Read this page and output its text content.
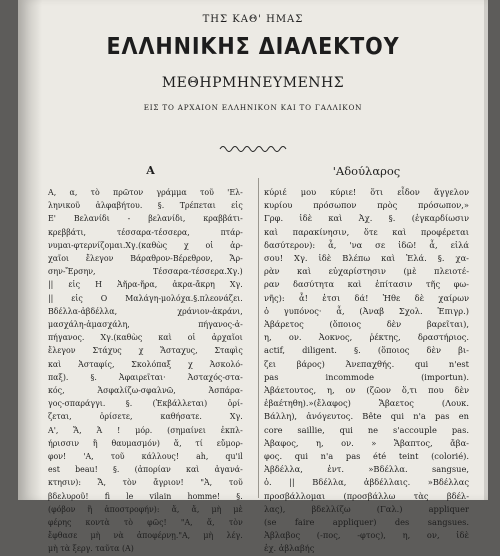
ΤΗΣ ΚΑΘ' ΗΜΑΣ
ΕΛΛΗΝΙΚΗΣ ΔΙΑΛΕΚΤΟΥ
ΜΕΘΗΡΜΗΝΕΥΜΕΝΗΣ
ΕΙΣ ΤΟ ΑΡΧΑΙΟΝ ΕΛΛΗΝΙΚΟΝ ΚΑΙ ΤΟ ΓΑΛΛΙΚΟΝ
Α
Α, α, τὸ πρῶτον γράμμα τοῦ 'Ελ-
ληνικοῦ ἀλφαβήτου. §. Τρέπεται εἰς
Ε' Βελανίδι - βελανίδι, κραββάτι-
κρεββάτι, τέσσαρα-τέσσερα, πτάρ-
νυμαι-φτερνίζομαι.Χγ.(καθὼς χ οἱ ἀρ-
χαῖοι ἔλεγον Βάραθρον-Βέρεθρον, Ἄρ-
σην-Ἔρσην, Τέσσαρα-τέσσερα.Χγ.)
|| εἰς Η Ἀῆρα-ἤρα, ἀκρα-ἄκρη Χγ.
|| εἰς Ο Μαλάγη-μολόχα.§.πλεονάζει.
Βδέλλα-ἀβδέλλα, χράνιον-ἀκράνι,
μασχάλη-ἀμασχάλη, πήγανος-ἀ-
πήγανος. Χγ.(καθὼς καὶ οἱ ἀρχαῖοι
ἔλεγον Στάχυς χ Ἄσταχυς, Σταφὶς
καὶ Ἀσταφίς, Σκολόπαξ χ Ἀσκολό-
παξ). §. Ἀφαιρεῖται· Ἀσταχός-στα-
κός, Ἀσφαλίζω-σφαλνῶ, Ἀσπάρα-
γος-σπαράγγι. §. (Ἐκβάλλεται) ὁρί-
ζεται, ὁρίσετε, καθήσατε. Χγ.
Α', Ἄ, Ἀ ! μόρ. (σημαίνει ἐκπλ-
ήρισσιν ἢ θαυμασμόν) ἄ, τί εὔμορ-
φον! 'Α, τοῦ κάλλους! ah, qu'il
est beau! §. (ἀπορίαν καὶ ἀγανά-
κτησιν): Ἄ, τὸν ἄγριον! "Ἀ, τοῦ
βδελυροῦ! fi le vilain homme! §.
(φόβον ἢ ἀποστροφήν): ἄ, ἄ, μὴ μὲ
φέρης κοντὰ τὸ φῶς! "Α, ἄ, τὸν
ἔφθασε μὴ νὰ ἀποφέρνῃ."Α, μὴ λέγ.
μὴ τὰ ξεργ. ταῦτα (Α)
'Αδούλαρος
κύριέ μου κύριε! ὅτι εἶδον ἄγγελον
κυρίου πρόσωπον πρὸς πρόσωπον,»
Γρφ. ἰδὲ καὶ Ἀχ. §. (ἐγκαρδίωσιν
καὶ παρακίνησιν, ὅτε καὶ προφέρεται
δασύτερον): ἆ, 'να σε ἰδῶ! ἆ, εἰλά
σου! Χγ. ἰδὲ Βλέπω καὶ Ἐλά. §. χα-
ρὰν καὶ εὐχαρίστησιν (μὲ πλειοτέ-
ραν δασύτητα καὶ ἐπίτασιν τῆς φω-
νῆς): ἆ! ἐτσι δά! Ἡθε δὲ χαίρων
ὁ γυπόνος· ἆ, (Ἀναβ Σχολ. Ἐπιγρ.)
Ἀβάρετος (ὅποιος δὲν βαρεῖται),
η, ον. Ἀοκνος, ῥέκτης, δραστήριος.
actif, diligent. §. (ὅποιος δὲν βι-
ζει βάρος) Ἀνεπαχθής. qui n'est
pas incommode (importun).
Ἀβάετουτος, η, ον (ζῶον ὅ,τι που δὲν
ἐβαέτηθη).»(ἔλαφος) Ἄβαετος (Λουκ.
Βάλλη), ἀνόγευτος. Bête qui n'a pas en
core saillie, qui ne s'accouple pas.
Ἀβαφος, η, ον. » Ἄβαπτος, ἄβα-
φος. qui n'a pas été teint (colorié).
Ἀβδέλλα, ἐντ. »Βδέλλα. sangsue,
ὁ. || Βδέλλα, ἀβδέλλαις. »Βδέλλας
προσβάλλομαι (προσβάλλω τὰς βδέλ-
λας), βδελλίζω (Γαλ.) appliquer
(se faire appliquer) des sangsues.
Ἀβλαβος (-πος, -φτος), η, ον, ἰδὲ
ἐχ. ἀβλαβής
